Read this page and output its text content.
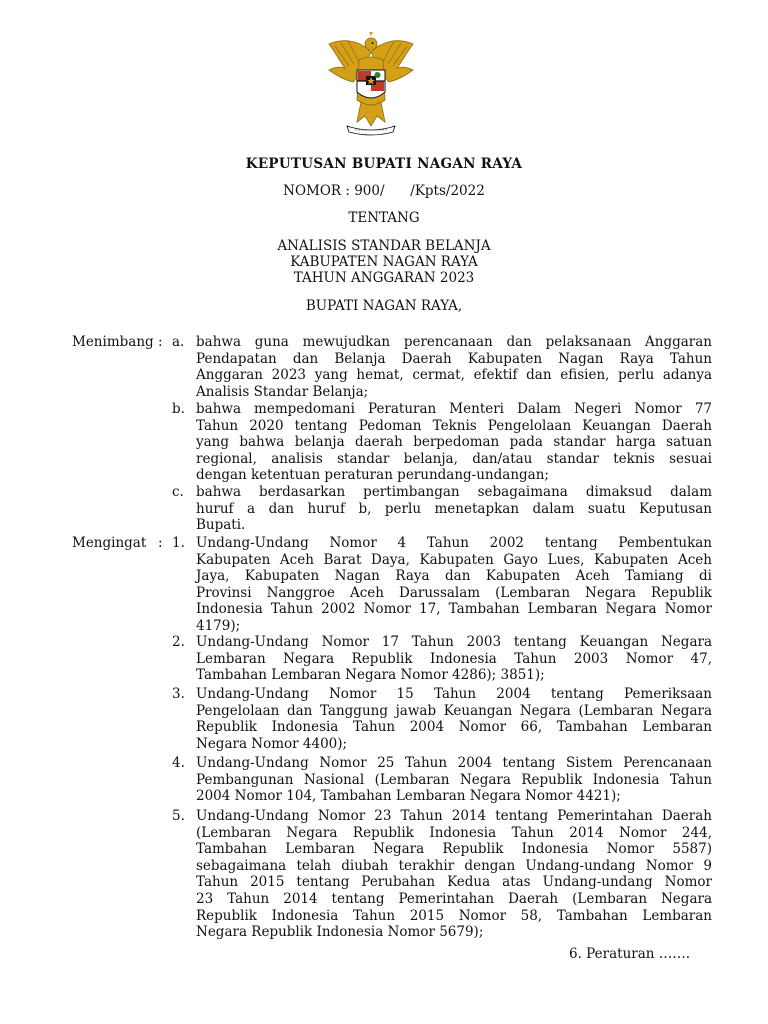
KEPUTUSAN BUPATI NAGAN RAYA
NOMOR : 900/      /Kpts/2022
TENTANG
ANALISIS STANDAR BELANJA
KABUPATEN NAGAN RAYA
TAHUN ANGGARAN 2023
BUPATI NAGAN RAYA,
Menimbang : a. bahwa guna mewujudkan perencanaan dan pelaksanaan Anggaran
Pendapatan dan Belanja Daerah Kabupaten Nagan Raya Tahun
Anggaran 2023 yang hemat, cermat, efektif dan efisien, perlu adanya
Analisis Standar Belanja;
b. bahwa mempedomani Peraturan Menteri Dalam Negeri Nomor 77
Tahun 2020 tentang Pedoman Teknis Pengelolaan Keuangan Daerah
yang bahwa belanja daerah berpedoman pada standar harga satuan
regional, analisis standar belanja, dan/atau standar teknis sesuai
dengan ketentuan peraturan perundang-undangan;
c. bahwa berdasarkan pertimbangan sebagaimana dimaksud dalam
huruf a dan huruf b, perlu menetapkan dalam suatu Keputusan
Bupati.
Mengingat : 1. Undang-Undang Nomor 4 Tahun 2002 tentang Pembentukan
Kabupaten Aceh Barat Daya, Kabupaten Gayo Lues, Kabupaten Aceh
Jaya, Kabupaten Nagan Raya dan Kabupaten Aceh Tamiang di
Provinsi Nanggroe Aceh Darussalam (Lembaran Negara Republik
Indonesia Tahun 2002 Nomor 17, Tambahan Lembaran Negara Nomor
4179);
2. Undang-Undang Nomor 17 Tahun 2003 tentang Keuangan Negara
Lembaran Negara Republik Indonesia Tahun 2003 Nomor 47,
Tambahan Lembaran Negara Nomor 4286); 3851);
3. Undang-Undang Nomor 15 Tahun 2004 tentang Pemeriksaan
Pengelolaan dan Tanggung jawab Keuangan Negara (Lembaran Negara
Republik Indonesia Tahun 2004 Nomor 66, Tambahan Lembaran
Negara Nomor 4400);
4. Undang-Undang Nomor 25 Tahun 2004 tentang Sistem Perencanaan
Pembangunan Nasional (Lembaran Negara Republik Indonesia Tahun
2004 Nomor 104, Tambahan Lembaran Negara Nomor 4421);
5. Undang-Undang Nomor 23 Tahun 2014 tentang Pemerintahan Daerah
(Lembaran Negara Republik Indonesia Tahun 2014 Nomor 244,
Tambahan Lembaran Negara Republik Indonesia Nomor 5587)
sebagaimana telah diubah terakhir dengan Undang-undang Nomor 9
Tahun 2015 tentang Perubahan Kedua atas Undang-undang Nomor
23 Tahun 2014 tentang Pemerintahan Daerah (Lembaran Negara
Republik Indonesia Tahun 2015 Nomor 58, Tambahan Lembaran
Negara Republik Indonesia Nomor 5679);
6. Peraturan …….
